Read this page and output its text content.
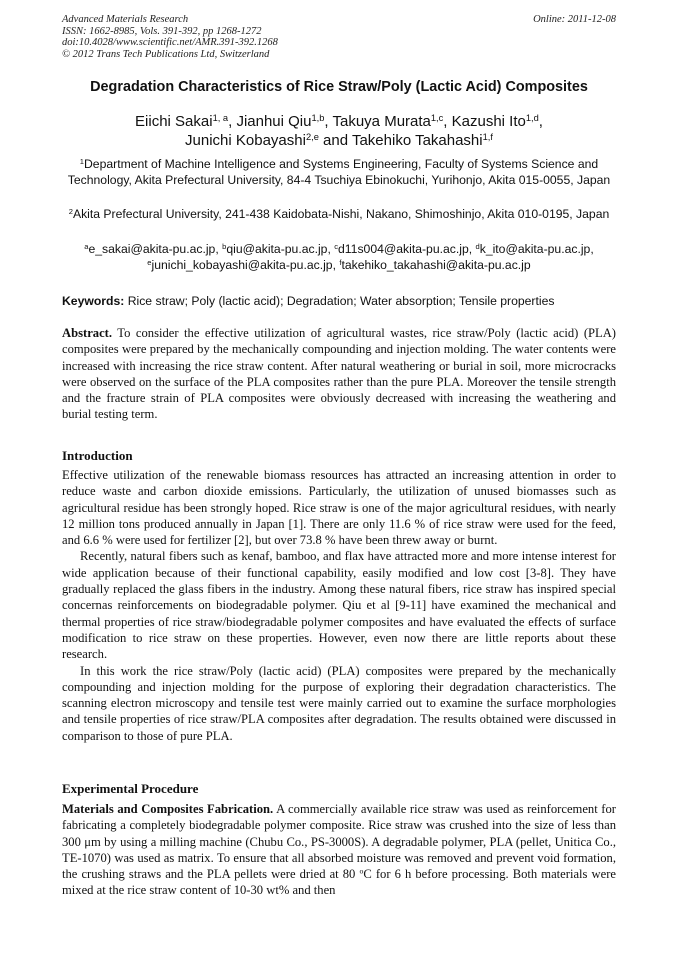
Advanced Materials Research
ISSN: 1662-8985, Vols. 391-392, pp 1268-1272
doi:10.4028/www.scientific.net/AMR.391-392.1268
© 2012 Trans Tech Publications Ltd, Switzerland
Online: 2011-12-08
Degradation Characteristics of Rice Straw/Poly (Lactic Acid) Composites
Eiichi Sakai$^{1, a}$, Jianhui Qiu$^{1,b}$, Takuya Murata$^{1,c}$, Kazushi Ito$^{1,d}$,
Junichi Kobayashi$^{2,e}$ and Takehiko Takahashi$^{1,f}$
$^1$Department of Machine Intelligence and Systems Engineering, Faculty of Systems Science and Technology, Akita Prefectural University, 84-4 Tsuchiya Ebinokuchi, Yurihonjo, Akita 015-0055, Japan
$^2$Akita Prefectural University, 241-438 Kaidobata-Nishi, Nakano, Shimoshinjo, Akita 010-0195, Japan
$^a$e_sakai@akita-pu.ac.jp, $^b$qiu@akita-pu.ac.jp, $^c$d11s004@akita-pu.ac.jp, $^d$k_ito@akita-pu.ac.jp,
$^e$junichi_kobayashi@akita-pu.ac.jp, $^f$takehiko_takahashi@akita-pu.ac.jp
Keywords: Rice straw; Poly (lactic acid); Degradation; Water absorption; Tensile properties
Abstract. To consider the effective utilization of agricultural wastes, rice straw/Poly (lactic acid) (PLA) composites were prepared by the mechanically compounding and injection molding. The water contents were increased with increasing the rice straw content. After natural weathering or burial in soil, more microcracks were observed on the surface of the PLA composites rather than the pure PLA. Moreover the tensile strength and the fracture strain of PLA composites were obviously decreased with increasing the weathering and burial testing term.
Introduction

Effective utilization of the renewable biomass resources has attracted an increasing attention in order to reduce waste and carbon dioxide emissions. Particularly, the utilization of unused biomasses such as agricultural residue has been strongly hoped. Rice straw is one of the major agricultural residues, with nearly 12 million tons produced annually in Japan [1]. There are only 11.6 % of rice straw were used for the feed, and 6.6 % were used for fertilizer [2], but over 73.8 % have been threw away or burnt.

Recently, natural fibers such as kenaf, bamboo, and flax have attracted more and more intense interest for wide application because of their functional capability, easily modified and low cost [3-8]. They have gradually replaced the glass fibers in the industry. Among these natural fibers, rice straw has inspired special concernas reinforcements on biodegradable polymer. Qiu et al [9-11] have examined the mechanical and thermal properties of rice straw/biodegradable polymer composites and have evaluated the effects of surface modification to rice straw on these properties. However, even now there are little reports about these research.

In this work the rice straw/Poly (lactic acid) (PLA) composites were prepared by the mechanically compounding and injection molding for the purpose of exploring their degradation characteristics. The scanning electron microscopy and tensile test were mainly carried out to examine the surface morphologies and tensile properties of rice straw/PLA composites after degradation. The results obtained were discussed in comparison to those of pure PLA.

Experimental Procedure

Materials and Composites Fabrication. A commercially available rice straw was used as reinforcement for fabricating a completely biodegradable polymer composite. Rice straw was crushed into the size of less than 300 μm by using a milling machine (Chubu Co., PS-3000S). A degradable polymer, PLA (pellet, Unitica Co., TE-1070) was used as matrix. To ensure that all absorbed moisture was removed and prevent void formation, the crushing straws and the PLA pellets were dried at 80 $^o$C for 6 h before processing. Both materials were mixed at the rice straw content of 10-30 wt% and then
